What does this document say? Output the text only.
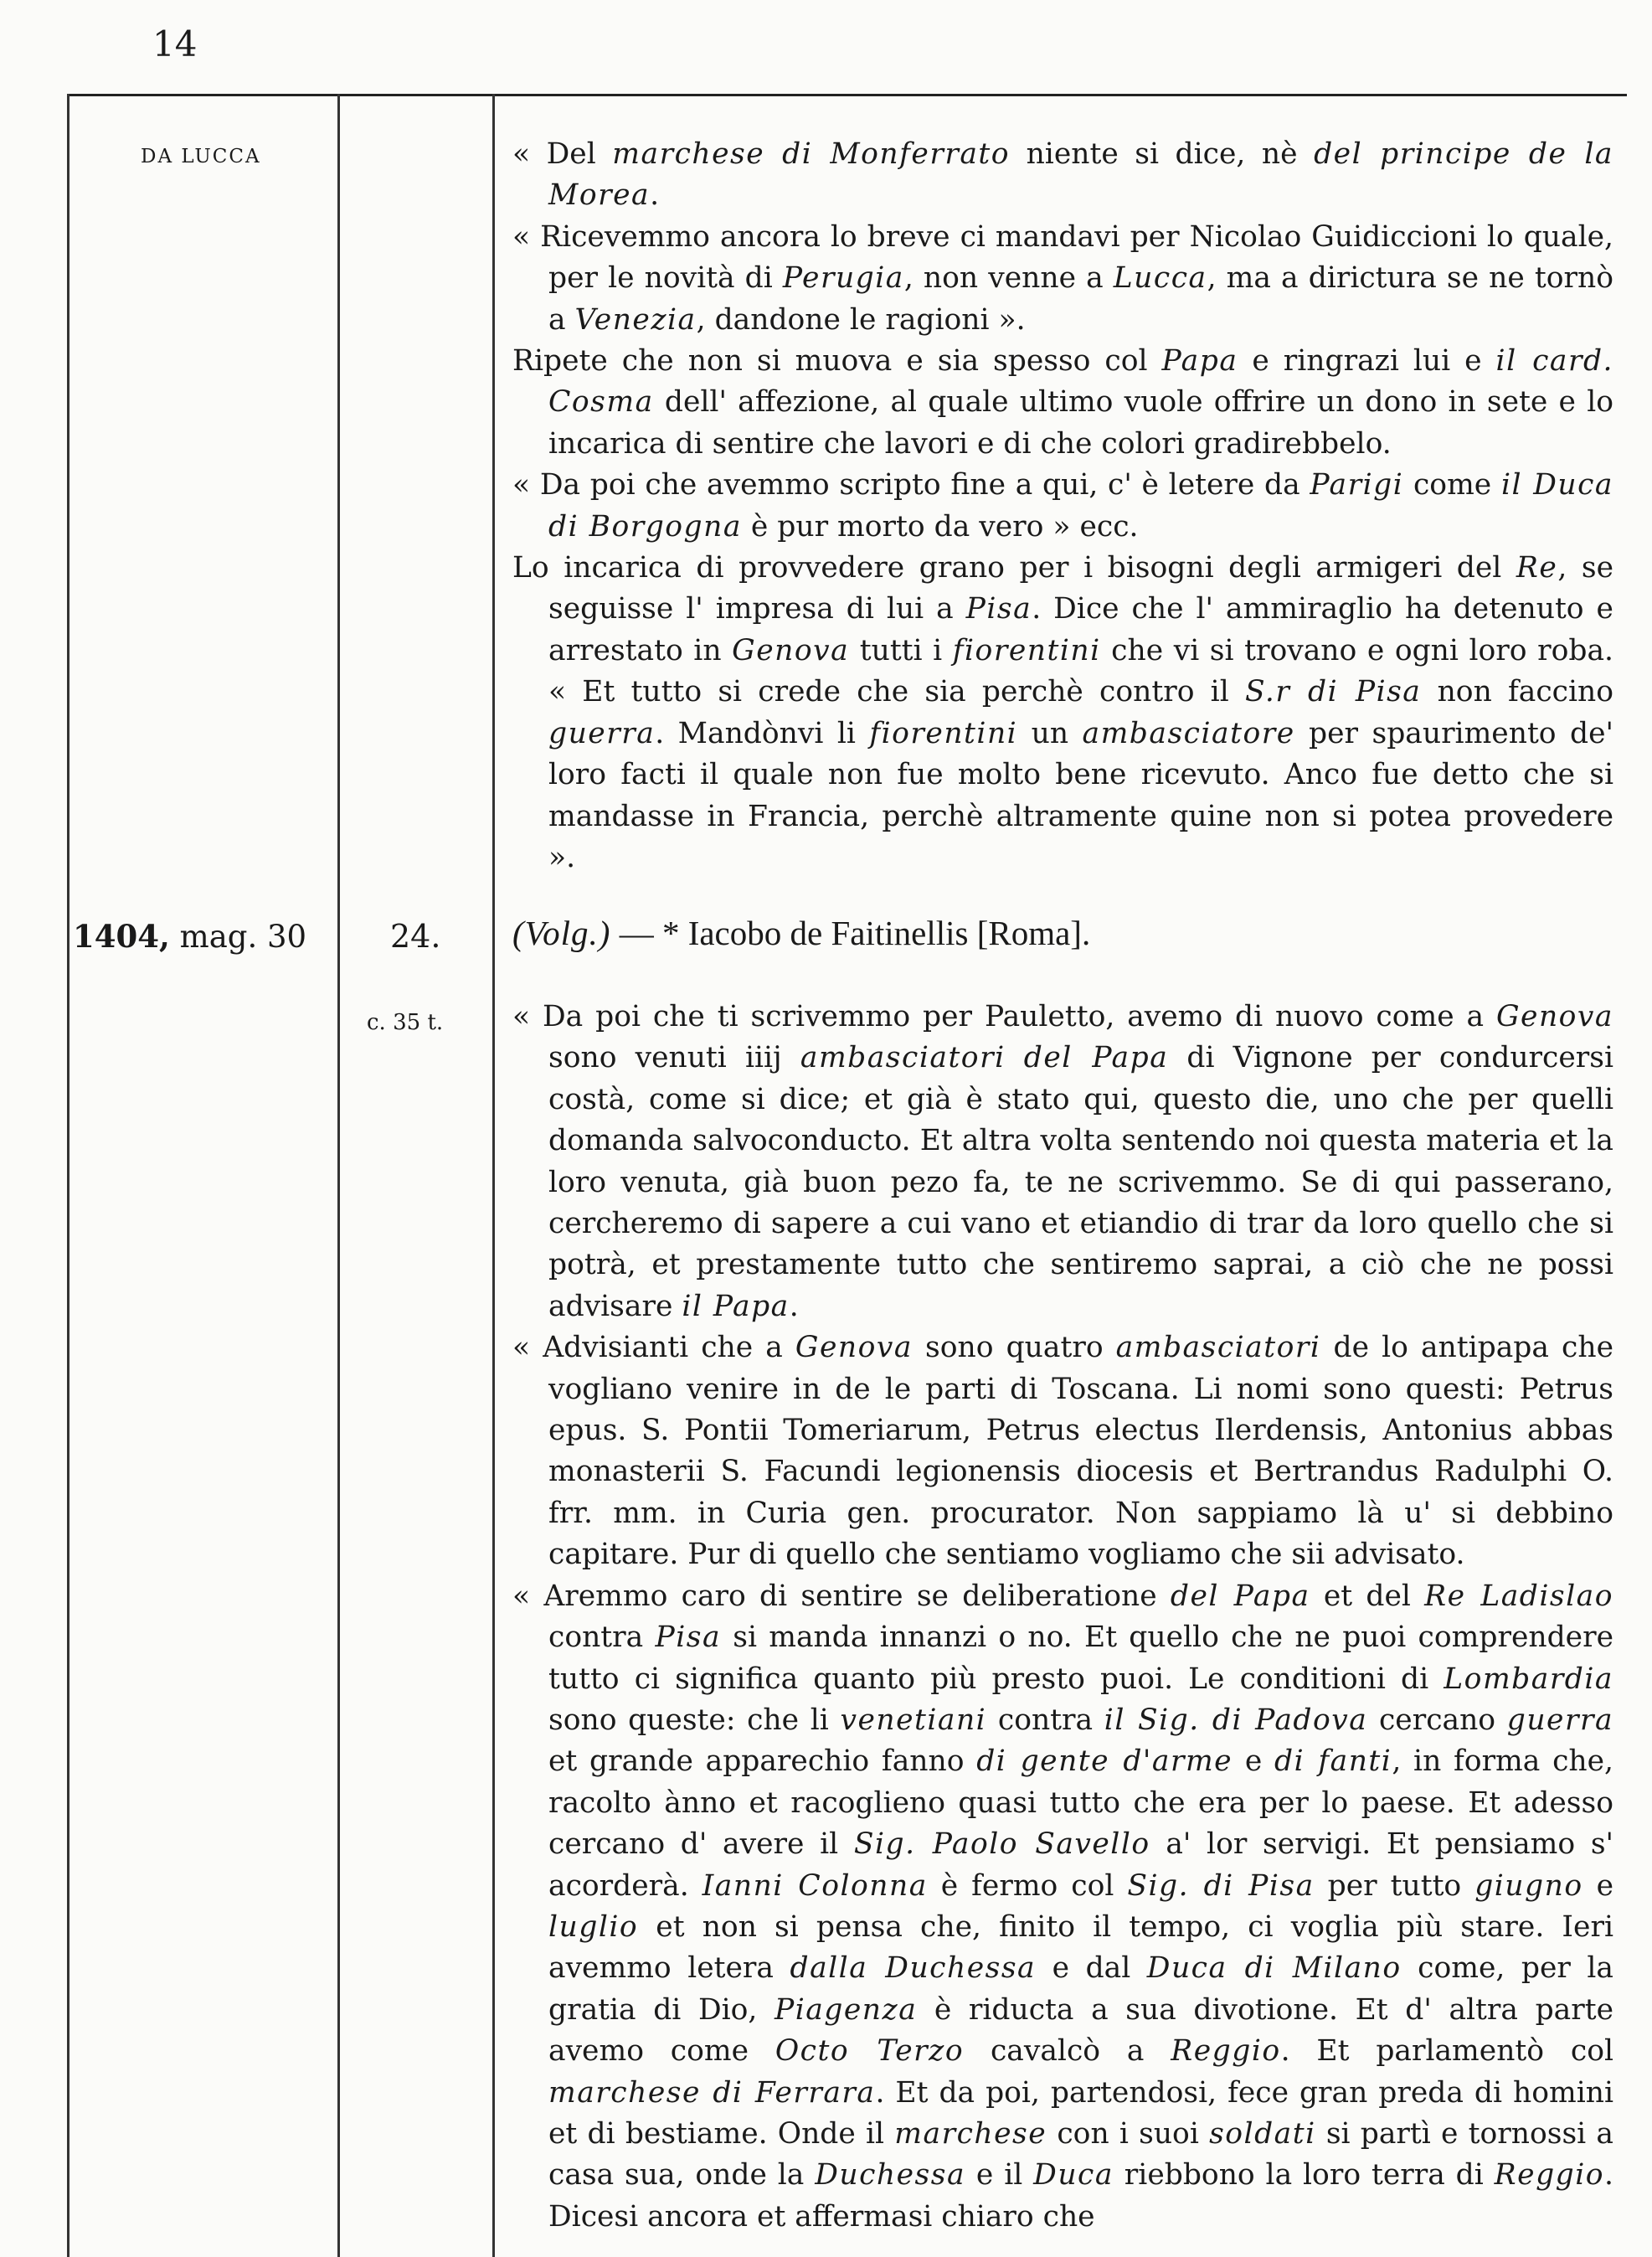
14
DA LUCCA	« Del marchese di Monferrato niente si dice, nè del principe de la Morea.

« Ricevemmo ancora lo breve ci mandavi per Nicolao Guidiccioni lo quale, per le novità di Perugia, non venne a Lucca, ma a dirictura se ne tornò a Venezia, dandone le ragioni ».

Ripete che non si muova e sia spesso col Papa e ringrazi lui e il card. Cosma dell' affezione, al quale ultimo vuole offrire un dono in sete e lo incarica di sentire che lavori e di che colori gradirebbelo.

« Da poi che avemmo scripto fine a qui, c' è letere da Parigi come il Duca di Borgogna è pur morto da vero » ecc.

Lo incarica di provvedere grano per i bisogni degli armigeri del Re, se seguisse l' impresa di lui a Pisa. Dice che l' ammiraglio ha detenuto e arrestato in Genova tutti i fiorentini che vi si trovano e ogni loro roba. « Et tutto si crede che sia perchè contro il S.r di Pisa non faccino guerra. Mandònvi li fiorentini un ambasciatore per spaurimento de' loro facti il quale non fue molto bene ricevuto. Anco fue detto che si mandasse in Francia, perchè altramente quine non si potea provedere ».

1404, mag. 30	24.
c. 35 t.
(Volg.) — * Iacobo de Faitinellis [Roma].

« Da poi che ti scrivemmo per Pauletto, avemo di nuovo come a Genova sono venuti iiij ambasciatori del Papa di Vignone per condurcersi costà, come si dice; et già è stato qui, questo die, uno che per quelli domanda salvoconducto. Et altra volta sentendo noi questa materia et la loro venuta, già buon pezo fa, te ne scrivemmo. Se di qui passerano, cercheremo di sapere a cui vano et etiandio di trar da loro quello che si potrà, et prestamente tutto che sentiremo saprai, a ciò che ne possi advisare il Papa.

« Advisianti che a Genova sono quatro ambasciatori de lo antipapa che vogliano venire in de le parti di Toscana. Li nomi sono questi: Petrus epus. S. Pontii Tomeriarum, Petrus electus Ilerdensis, Antonius abbas monasterii S. Facundi legionensis diocesis et Bertrandus Radulphi O. frr. mm. in Curia gen. procurator. Non sappiamo là u' si debbino capitare. Pur di quello che sentiamo vogliamo che sii advisato.

« Aremmo caro di sentire se deliberatione del Papa et del Re Ladislao contra Pisa si manda innanzi o no. Et quello che ne puoi comprendere tutto ci significa quanto più presto puoi. Le conditioni di Lombardia sono queste: che li venetiani contra il Sig. di Padova cercano guerra et grande apparechio fanno di gente d'arme e di fanti, in forma che, racolto ànno et racoglieno quasi tutto che era per lo paese. Et adesso cercano d' avere il Sig. Paolo Savello a' lor servigi. Et pensiamo s' acorderà. Ianni Colonna è fermo col Sig. di Pisa per tutto giugno e luglio et non si pensa che, finito il tempo, ci voglia più stare. Ieri avemmo letera dalla Duchessa e dal Duca di Milano come, per la gratia di Dio, Piagenza è riducta a sua divotione. Et d' altra parte avemo come Octo Terzo cavalcò a Reggio. Et parlamentò col marchese di Ferrara. Et da poi, partendosi, fece gran preda di homini et di bestiame. Onde il marchese con i suoi soldati si partì e tornossi a casa sua, onde la Duchessa e il Duca riebbono la loro terra di Reggio. Dicesi ancora et affermasi chiaro che
